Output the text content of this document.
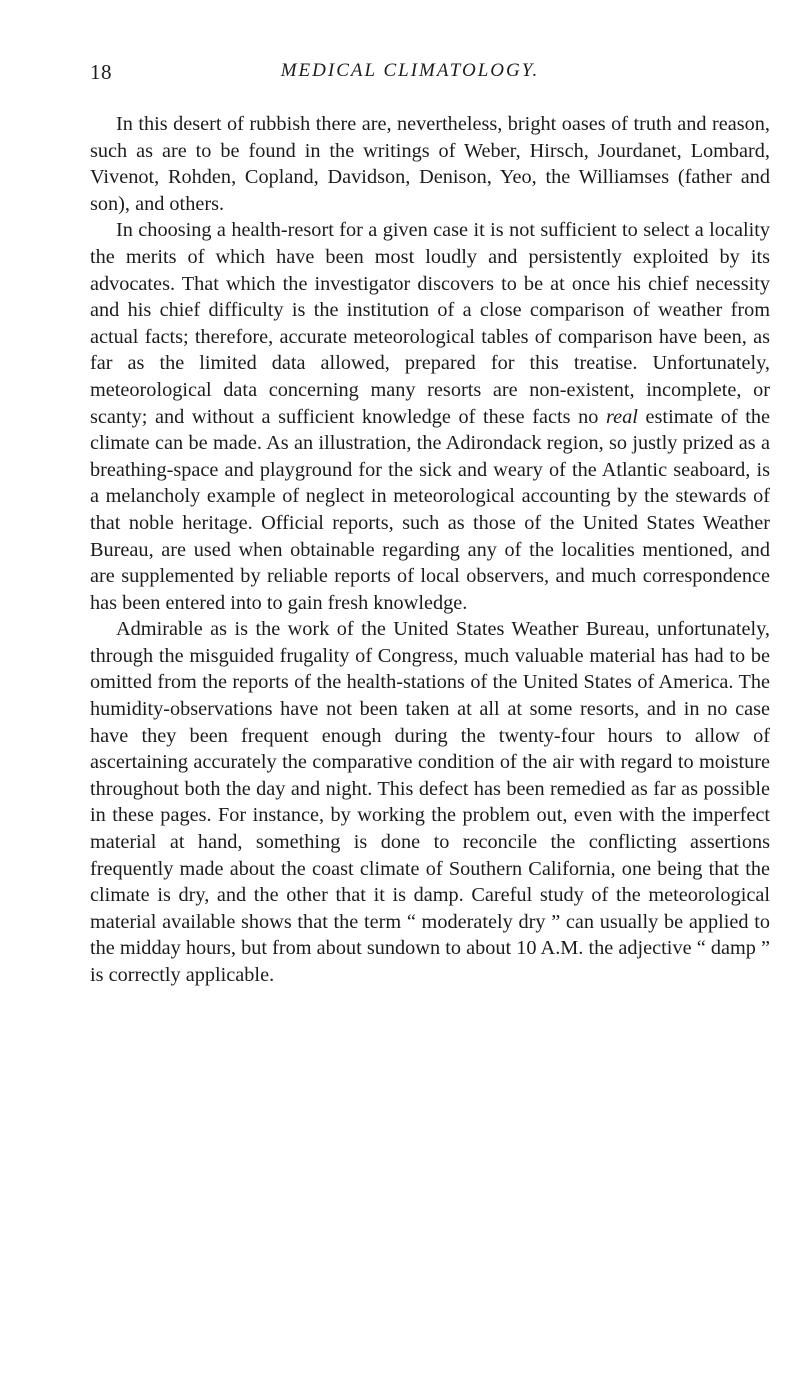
18	MEDICAL CLIMATOLOGY.

In this desert of rubbish there are, nevertheless, bright oases of truth and reason, such as are to be found in the writings of Weber, Hirsch, Jourdanet, Lombard, Vivenot, Rohden, Copland, Davidson, Denison, Yeo, the Williamses (father and son), and others.

In choosing a health-resort for a given case it is not sufficient to select a locality the merits of which have been most loudly and persistently exploited by its advocates. That which the investigator discovers to be at once his chief necessity and his chief difficulty is the institution of a close comparison of weather from actual facts; therefore, accurate meteorological tables of comparison have been, as far as the limited data allowed, prepared for this treatise. Unfortunately, meteorological data concerning many resorts are non-existent, incomplete, or scanty; and without a sufficient knowledge of these facts no real estimate of the climate can be made. As an illustration, the Adirondack region, so justly prized as a breathing-space and playground for the sick and weary of the Atlantic seaboard, is a melancholy example of neglect in meteorological accounting by the stewards of that noble heritage. Official reports, such as those of the United States Weather Bureau, are used when obtainable regarding any of the localities mentioned, and are supplemented by reliable reports of local observers, and much correspondence has been entered into to gain fresh knowledge.

Admirable as is the work of the United States Weather Bureau, unfortunately, through the misguided frugality of Congress, much valuable material has had to be omitted from the reports of the health-stations of the United States of America. The humidity-observations have not been taken at all at some resorts, and in no case have they been frequent enough during the twenty-four hours to allow of ascertaining accurately the comparative condition of the air with regard to moisture throughout both the day and night. This defect has been remedied as far as possible in these pages. For instance, by working the problem out, even with the imperfect material at hand, something is done to reconcile the conflicting assertions frequently made about the coast climate of Southern California, one being that the climate is dry, and the other that it is damp. Careful study of the meteorological material available shows that the term “ moderately dry ” can usually be applied to the midday hours, but from about sundown to about 10 A.M. the adjective “ damp ” is correctly applicable.
